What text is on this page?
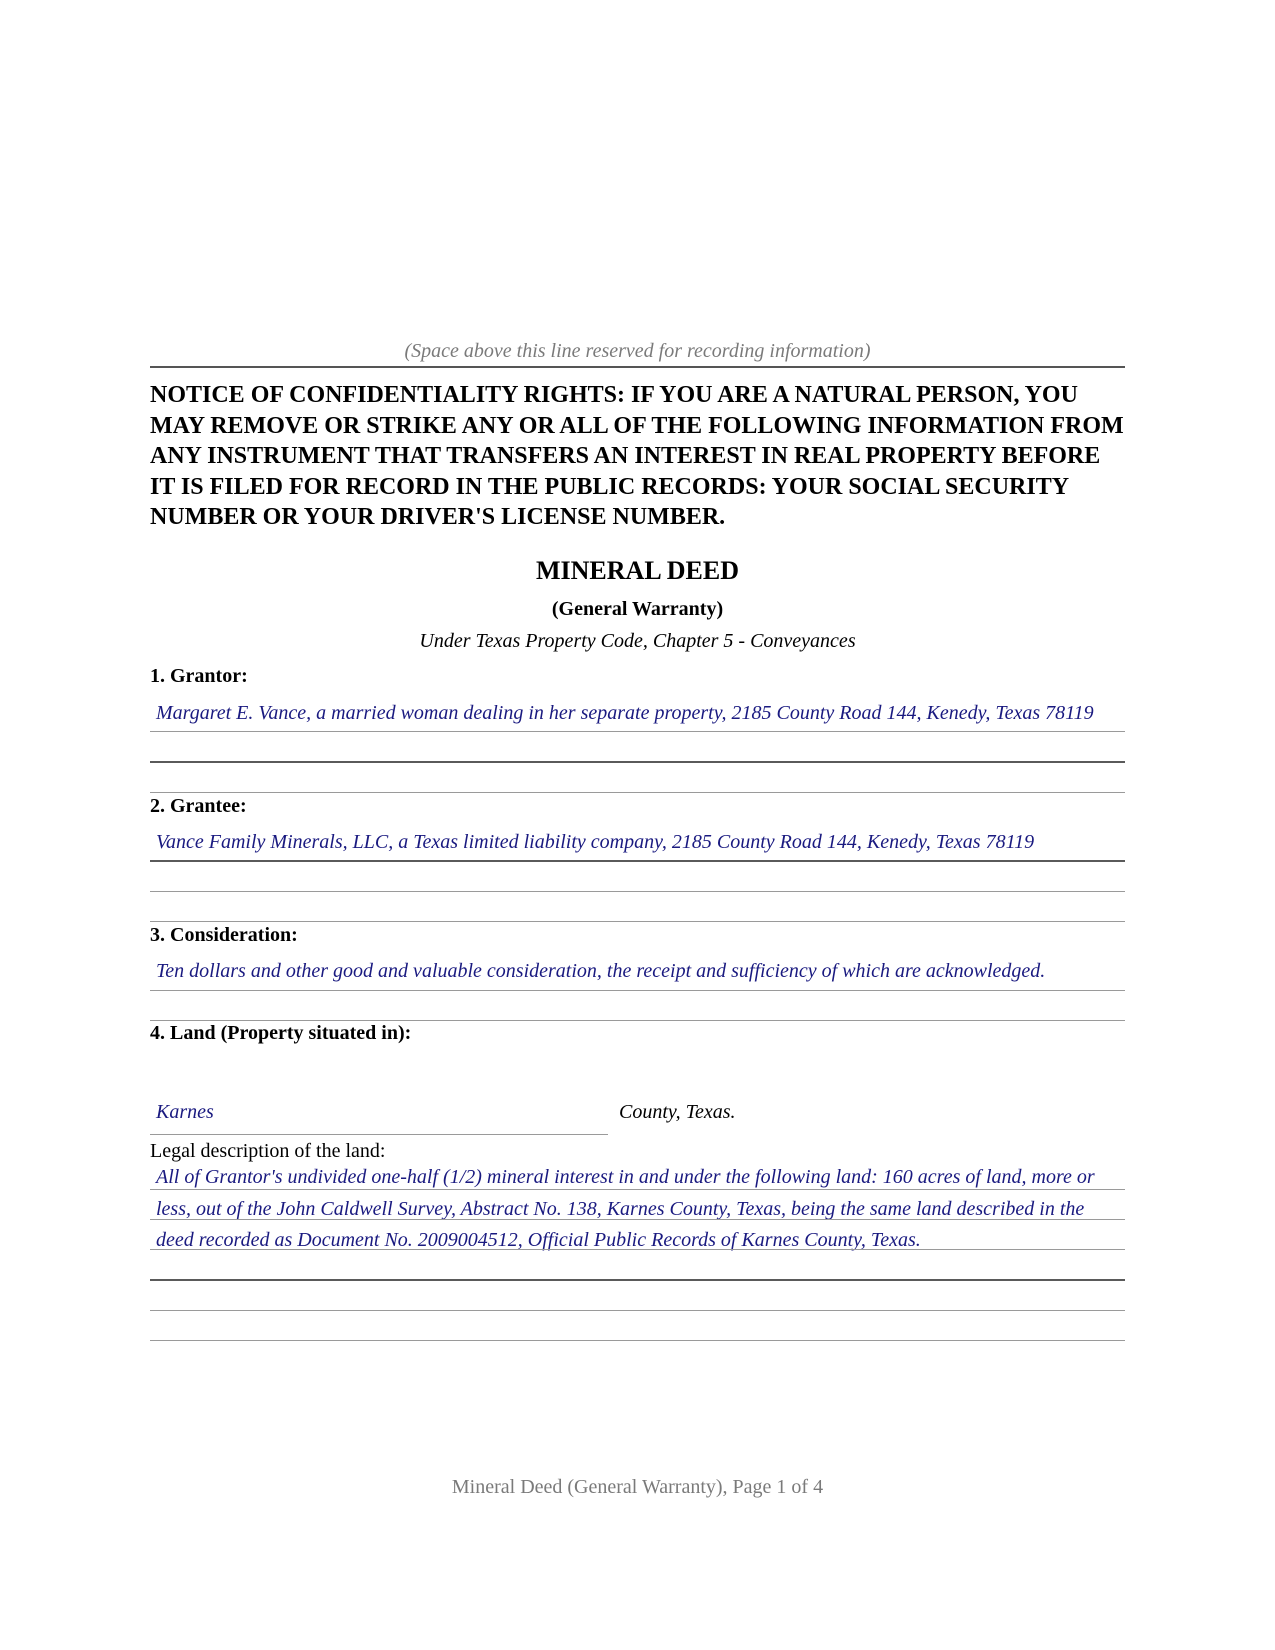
(Space above this line reserved for recording information)

NOTICE OF CONFIDENTIALITY RIGHTS: IF YOU ARE A NATURAL PERSON, YOU MAY REMOVE OR STRIKE ANY OR ALL OF THE FOLLOWING INFORMATION FROM ANY INSTRUMENT THAT TRANSFERS AN INTEREST IN REAL PROPERTY BEFORE IT IS FILED FOR RECORD IN THE PUBLIC RECORDS: YOUR SOCIAL SECURITY NUMBER OR YOUR DRIVER'S LICENSE NUMBER.

MINERAL DEED
(General Warranty)
Under Texas Property Code, Chapter 5 - Conveyances
1. Grantor:
Margaret E. Vance, a married woman dealing in her separate property, 2185 County Road 144, Kenedy, Texas 78119
2. Grantee:
Vance Family Minerals, LLC, a Texas limited liability company, 2185 County Road 144, Kenedy, Texas 78119
3. Consideration:
Ten dollars and other good and valuable consideration, the receipt and sufficiency of which are acknowledged.
4. Land (Property situated in):
Karnes	County, Texas.
Legal description of the land:
All of Grantor's undivided one-half (1/2) mineral interest in and under the following land: 160 acres of land, more or less, out of the John Caldwell Survey, Abstract No. 138, Karnes County, Texas, being the same land described in the deed recorded as Document No. 2009004512, Official Public Records of Karnes County, Texas.
Mineral Deed (General Warranty), Page 1 of 4
